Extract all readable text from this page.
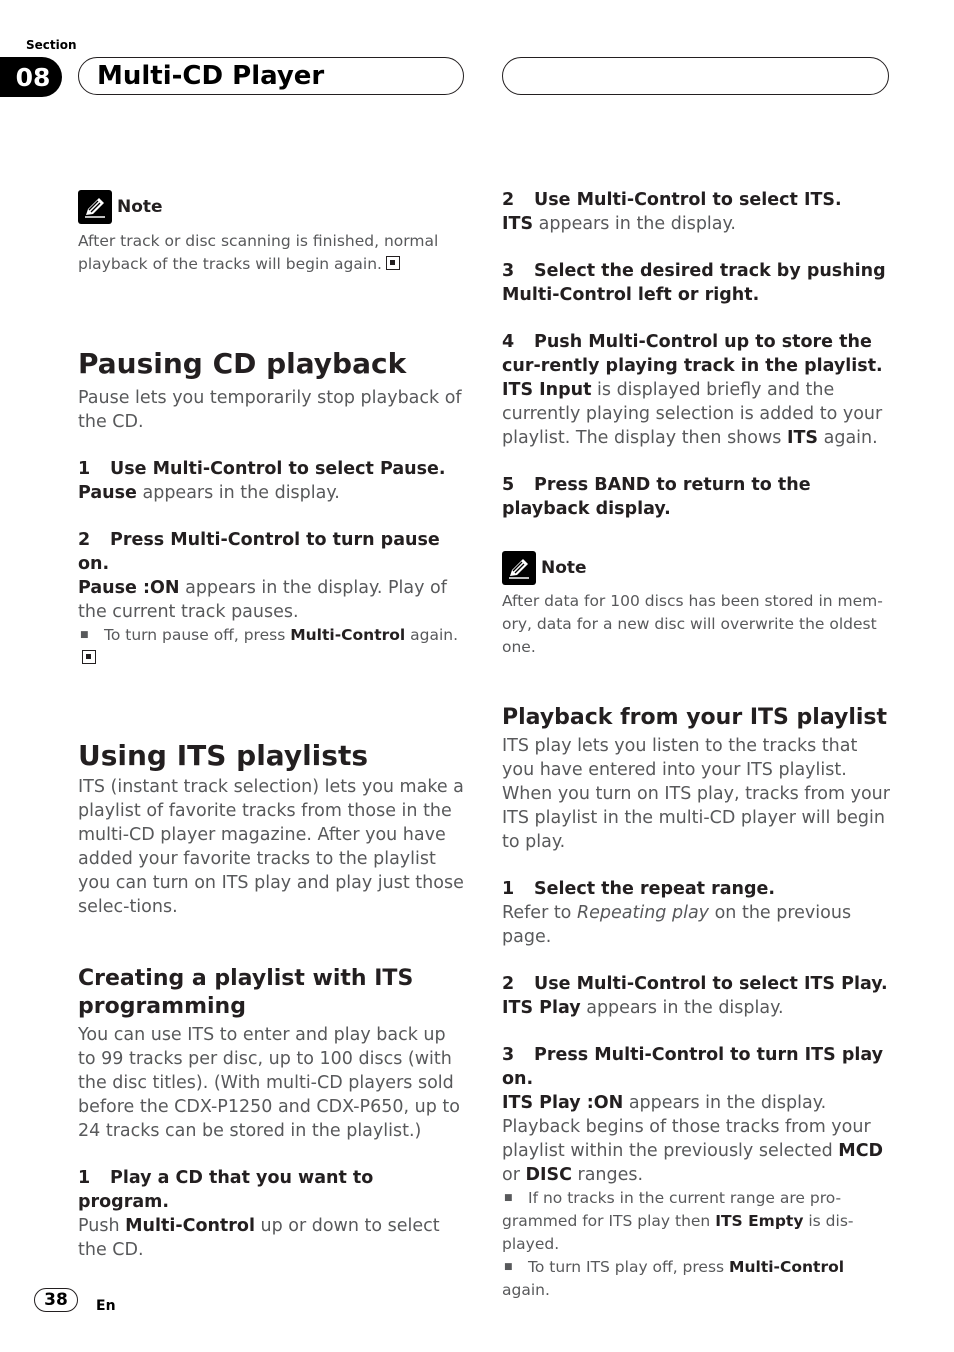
Section
08	Multi-CD Player
Note

After track or disc scanning is finished, normal playback of the tracks will begin again.

Pausing CD playback

Pause lets you temporarily stop playback of the CD.

1 Use Multi-Control to select Pause.

Pause appears in the display.

2 Press Multi-Control to turn pause on.

Pause :ON appears in the display. Play of the current track pauses.

■ To turn pause off, press Multi-Control again.

Using ITS playlists

ITS (instant track selection) lets you make a playlist of favorite tracks from those in the multi-CD player magazine. After you have added your favorite tracks to the playlist you can turn on ITS play and play just those selec-tions.

Creating a playlist with ITS programming

You can use ITS to enter and play back up to 99 tracks per disc, up to 100 discs (with the disc titles). (With multi-CD players sold before the CDX-P1250 and CDX-P650, up to 24 tracks can be stored in the playlist.)

1 Play a CD that you want to program.

Push Multi-Control up or down to select the CD.

2 Use Multi-Control to select ITS.

ITS appears in the display.

3 Select the desired track by pushing Multi-Control left or right.

4 Push Multi-Control up to store the cur-rently playing track in the playlist.

ITS Input is displayed briefly and the currently playing selection is added to your playlist. The display then shows ITS again.

5 Press BAND to return to the playback display.

Note

After data for 100 discs has been stored in mem-ory, data for a new disc will overwrite the oldest one.

Playback from your ITS playlist

ITS play lets you listen to the tracks that you have entered into your ITS playlist. When you turn on ITS play, tracks from your ITS playlist in the multi-CD player will begin to play.

1 Select the repeat range.

Refer to Repeating play on the previous page.

2 Use Multi-Control to select ITS Play.

ITS Play appears in the display.

3 Press Multi-Control to turn ITS play on.

ITS Play :ON appears in the display. Playback begins of those tracks from your playlist within the previously selected MCD or DISC ranges.

■ If no tracks in the current range are pro-grammed for ITS play then ITS Empty is dis-played.

■ To turn ITS play off, press Multi-Control again.

38	En
